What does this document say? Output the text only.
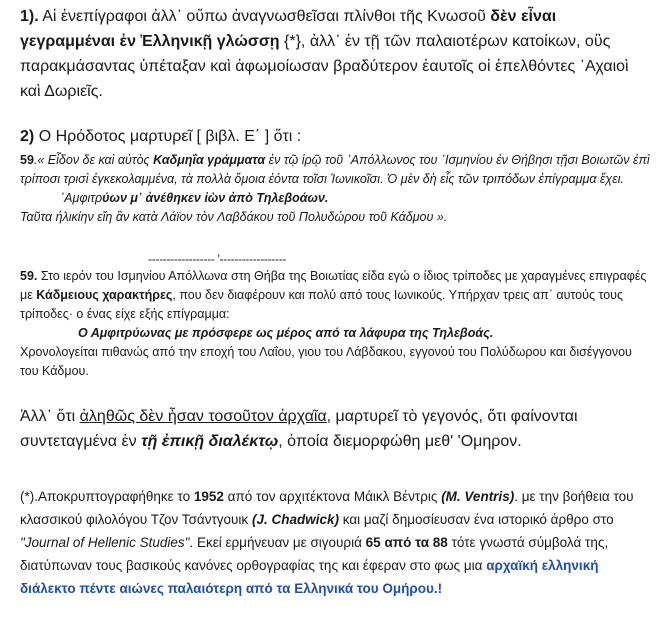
1). Αἱ ἐνεπίγραφοι ἀλλ᾽ οὔπω ἀναγνωσθεῖσαι πλίνθοι τῆς Κνωσοῦ δὲν εἶναι γεγραμμέναι ἐν Ἑλληνικῇ γλώσσῃ {*}, ἀλλ᾽ ἐν τῇ τῶν παλαιοτέρων κατοίκων, οὓς παρακμάσαντας ὑπέταξαν καὶ ἀφωμοίωσαν βραδύτερον ἑαυτοῖς οἱ ἐπελθόντες ᾽Αχαιοὶ καὶ Δωριεῖς.

2) Ο Ηρόδοτος μαρτυρεῖ [ βιβλ. Ε΄ ] ὅτι :

59.« Εἶδον δε καὶ αὐτὸς Καδμηΐα γράμματα ἐν τῷ ἱρῷ τοῦ ᾽Απόλλωνος του ᾽Ισμηνίου ἐν Θήβησι τῇσι Βοιωτῶν ἐπὶ τρίποσι τρισὶ ἐγκεκολαμμένα, τὰ πολλὰ ὅμοια ἐόντα τοῖσι Ἰωνικοῖσι. Ὁ μὲν δὴ εἷς τῶν τριπόδων ἐπίγραμμα ἔχει.

᾽Αμφιτρύων μ᾽ ἀνέθηκεν ἰὼν ἀπὸ Τηλεβοάων.

Ταῦτα ἡλικίην εἴη ἂν κατὰ Λάϊον τὸν Λαβδάκου τοῦ Πολυδώρου τοῦ Κάδμου ».

------------------ '------------------

59. Στο ιερόν του Ισμηνίου Απόλλωνα στη Θήβα της Βοιωτίας είδα εγώ ο ίδιος τρίποδες με χαραγμένες επιγραφές με Κάδμειους χαρακτήρες, που δεν διαφέρουν και πολύ από τους Ιωνικούς. Υπήρχαν τρεις απ᾽ αυτούς τους τρίποδες· ο ένας είχε εξής επίγραμμα:

Ο Αμφιτρύωνας με πρόσφερε ως μέρος από τα λάφυρα της Τηλεβοάς.

Χρονολογείται πιθανώς από την εποχή του Λαΐου, γιου του Λάβδακου, εγγονού του Πολύδωρου και δισέγγονου του Κάδμου.

Ἀλλ᾽ ὅτι ἀληθῶς δὲν ἦσαν τοσοῦτον ἀρχαῖα, μαρτυρεῖ τὸ γεγονός, ὅτι φαίνονται συντεταγμένα ἐν τῇ ἐπικῇ διαλέκτῳ, ὁποία διεμορφώθη μεθ' 'Ομηρον.

(*).Αποκρυπτογραφήθηκε το 1952 από τον αρχιτέκτονα Μάικλ Βέντρις (M. Ventris). με την βοήθεια του κλασσικού φιλολόγου Τζον Τσάντγουικ (J. Chadwick) και μαζί δημοσίευσαν ένα ιστορικό άρθρο στο "Journal of Hellenic Studies". Εκεί ερμήνευαν με σιγουριά 65 από τα 88 τότε γνωστά σύμβολά της, διατύπωναν τους βασικούς κανόνες ορθογραφίας της και έφεραν στο φως μια αρχαϊκή ελληνική διάλεκτο πέντε αιώνες παλαιότερη από τα Ελληνικά του Ομήρου.!
